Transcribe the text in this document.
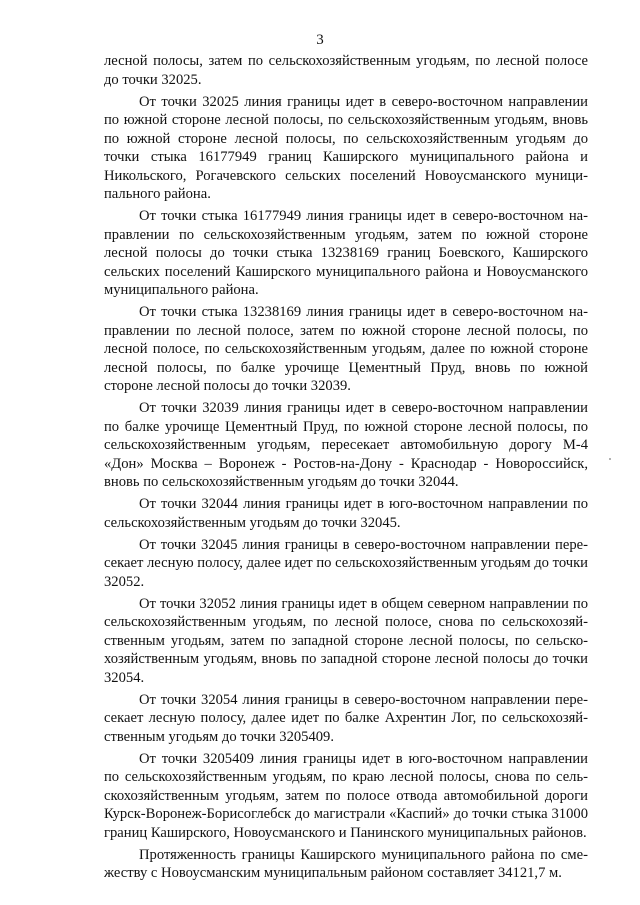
3

лесной полосы, затем по сельскохозяйственным угодьям, по лесной полосе до точки 32025.

От точки 32025 линия границы идет в северо-восточном направлении по южной стороне лесной полосы, по сельскохозяйственным угодьям, вновь по южной стороне лесной полосы, по сельскохозяйственным угодьям до точки стыка 16177949 границ Каширского муниципального района и Никольского, Рогачевского сельских поселений Новоусманского муниципального района.

От точки стыка 16177949 линия границы идет в северо-восточном направлении по сельскохозяйственным угодьям, затем по южной стороне лесной полосы до точки стыка 13238169 границ Боевского, Каширского сельских поселений Каширского муниципального района и Новоусманского муниципального района.

От точки стыка 13238169 линия границы идет в северо-восточном направлении по лесной полосе, затем по южной стороне лесной полосы, по лесной полосе, по сельскохозяйственным угодьям, далее по южной стороне лесной полосы, по балке урочище Цементный Пруд, вновь по южной стороне лесной полосы до точки 32039.

От точки 32039 линия границы идет в северо-восточном направлении по балке урочище Цементный Пруд, по южной стороне лесной полосы, по сельскохозяйственным угодьям, пересекает автомобильную дорогу М-4 «Дон» Москва – Воронеж - Ростов-на-Дону - Краснодар - Новороссийск, вновь по сельскохозяйственным угодьям до точки 32044.

От точки 32044 линия границы идет в юго-восточном направлении по сельскохозяйственным угодьям до точки 32045.

От точки 32045 линия границы в северо-восточном направлении пересекает лесную полосу, далее идет по сельскохозяйственным угодьям до точки 32052.

От точки 32052 линия границы идет в общем северном направлении по сельскохозяйственным угодьям, по лесной полосе, снова по сельскохозяйственным угодьям, затем по западной стороне лесной полосы, по сельскохозяйственным угодьям, вновь по западной стороне лесной полосы до точки 32054.

От точки 32054 линия границы в северо-восточном направлении пересекает лесную полосу, далее идет по балке Ахрентин Лог, по сельскохозяйственным угодьям до точки 3205409.

От точки 3205409 линия границы идет в юго-восточном направлении по сельскохозяйственным угодьям, по краю лесной полосы, снова по сельскохозяйственным угодьям, затем по полосе отвода автомобильной дороги Курск-Воронеж-Борисоглебск до магистрали «Каспий» до точки стыка 31000 границ Каширского, Новоусманского и Панинского муниципальных районов.

Протяженность границы Каширского муниципального района по смежеству с Новоусманским муниципальным районом составляет 34121,7 м.
